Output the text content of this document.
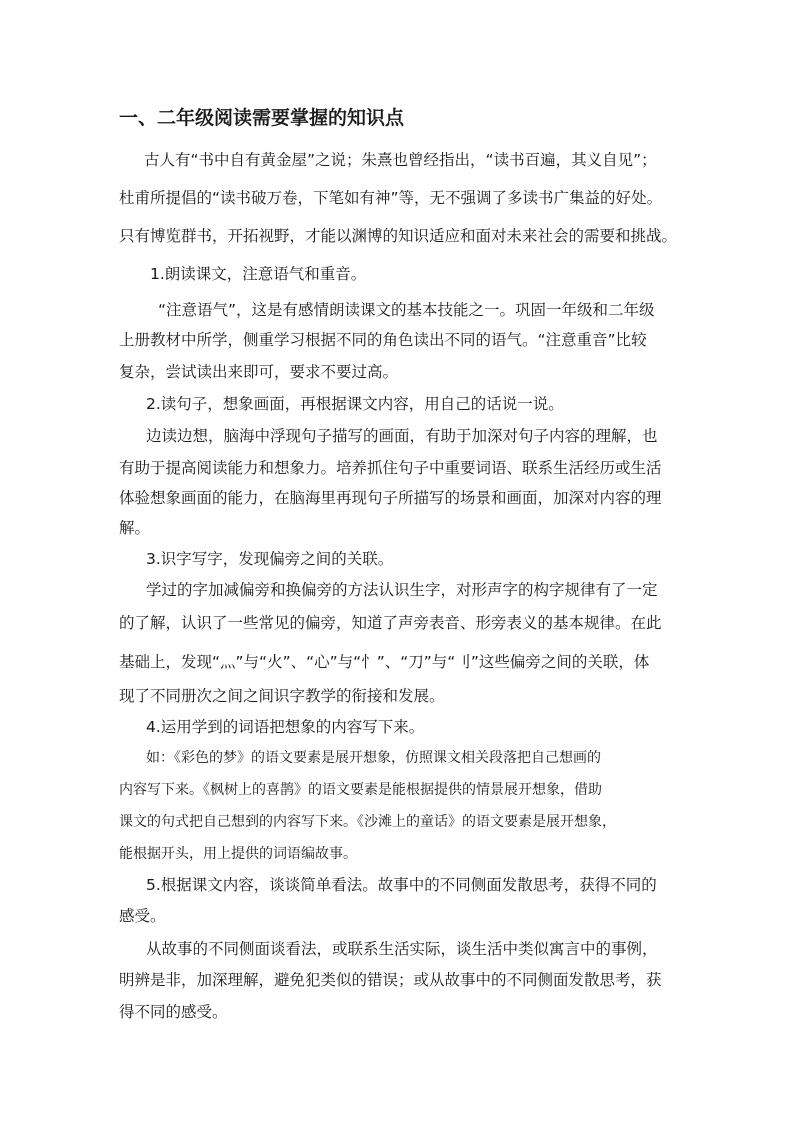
一、二年级阅读需要掌握的知识点
古人有“书中自有黄金屋”之说；朱熹也曾经指出，“读书百遍，其义自见”；
杜甫所提倡的“读书破万卷，下笔如有神”等，无不强调了多读书广集益的好处。
只有博览群书，开拓视野，才能以渊博的知识适应和面对未来社会的需要和挑战。
1.朗读课文，注意语气和重音。
“注意语气”，这是有感情朗读课文的基本技能之一。巩固一年级和二年级
上册教材中所学，侧重学习根据不同的角色读出不同的语气。“注意重音”比较
复杂，尝试读出来即可，要求不要过高。
2.读句子，想象画面，再根据课文内容，用自己的话说一说。
边读边想，脑海中浮现句子描写的画面，有助于加深对句子内容的理解，也
有助于提高阅读能力和想象力。培养抓住句子中重要词语、联系生活经历或生活
体验想象画面的能力，在脑海里再现句子所描写的场景和画面，加深对内容的理
解。
3.识字写字，发现偏旁之间的关联。
学过的字加减偏旁和换偏旁的方法认识生字，对形声字的构字规律有了一定
的了解，认识了一些常见的偏旁，知道了声旁表音、形旁表义的基本规律。在此
基础上，发现“灬”与“火”、“心”与“忄”、“刀”与“刂”这些偏旁之间的关联，体
现了不同册次之间之间识字教学的衔接和发展。
4.运用学到的词语把想象的内容写下来。
如：《彩色的梦》的语文要素是展开想象，仿照课文相关段落把自己想画的
内容写下来。《枫树上的喜鹊》的语文要素是能根据提供的情景展开想象，借助
课文的句式把自己想到的内容写下来。《沙滩上的童话》的语文要素是展开想象，
能根据开头，用上提供的词语编故事。
5.根据课文内容，谈谈简单看法。故事中的不同侧面发散思考，获得不同的
感受。
从故事的不同侧面谈看法，或联系生活实际，谈生活中类似寓言中的事例，
明辨是非，加深理解，避免犯类似的错误；或从故事中的不同侧面发散思考，获
得不同的感受。
